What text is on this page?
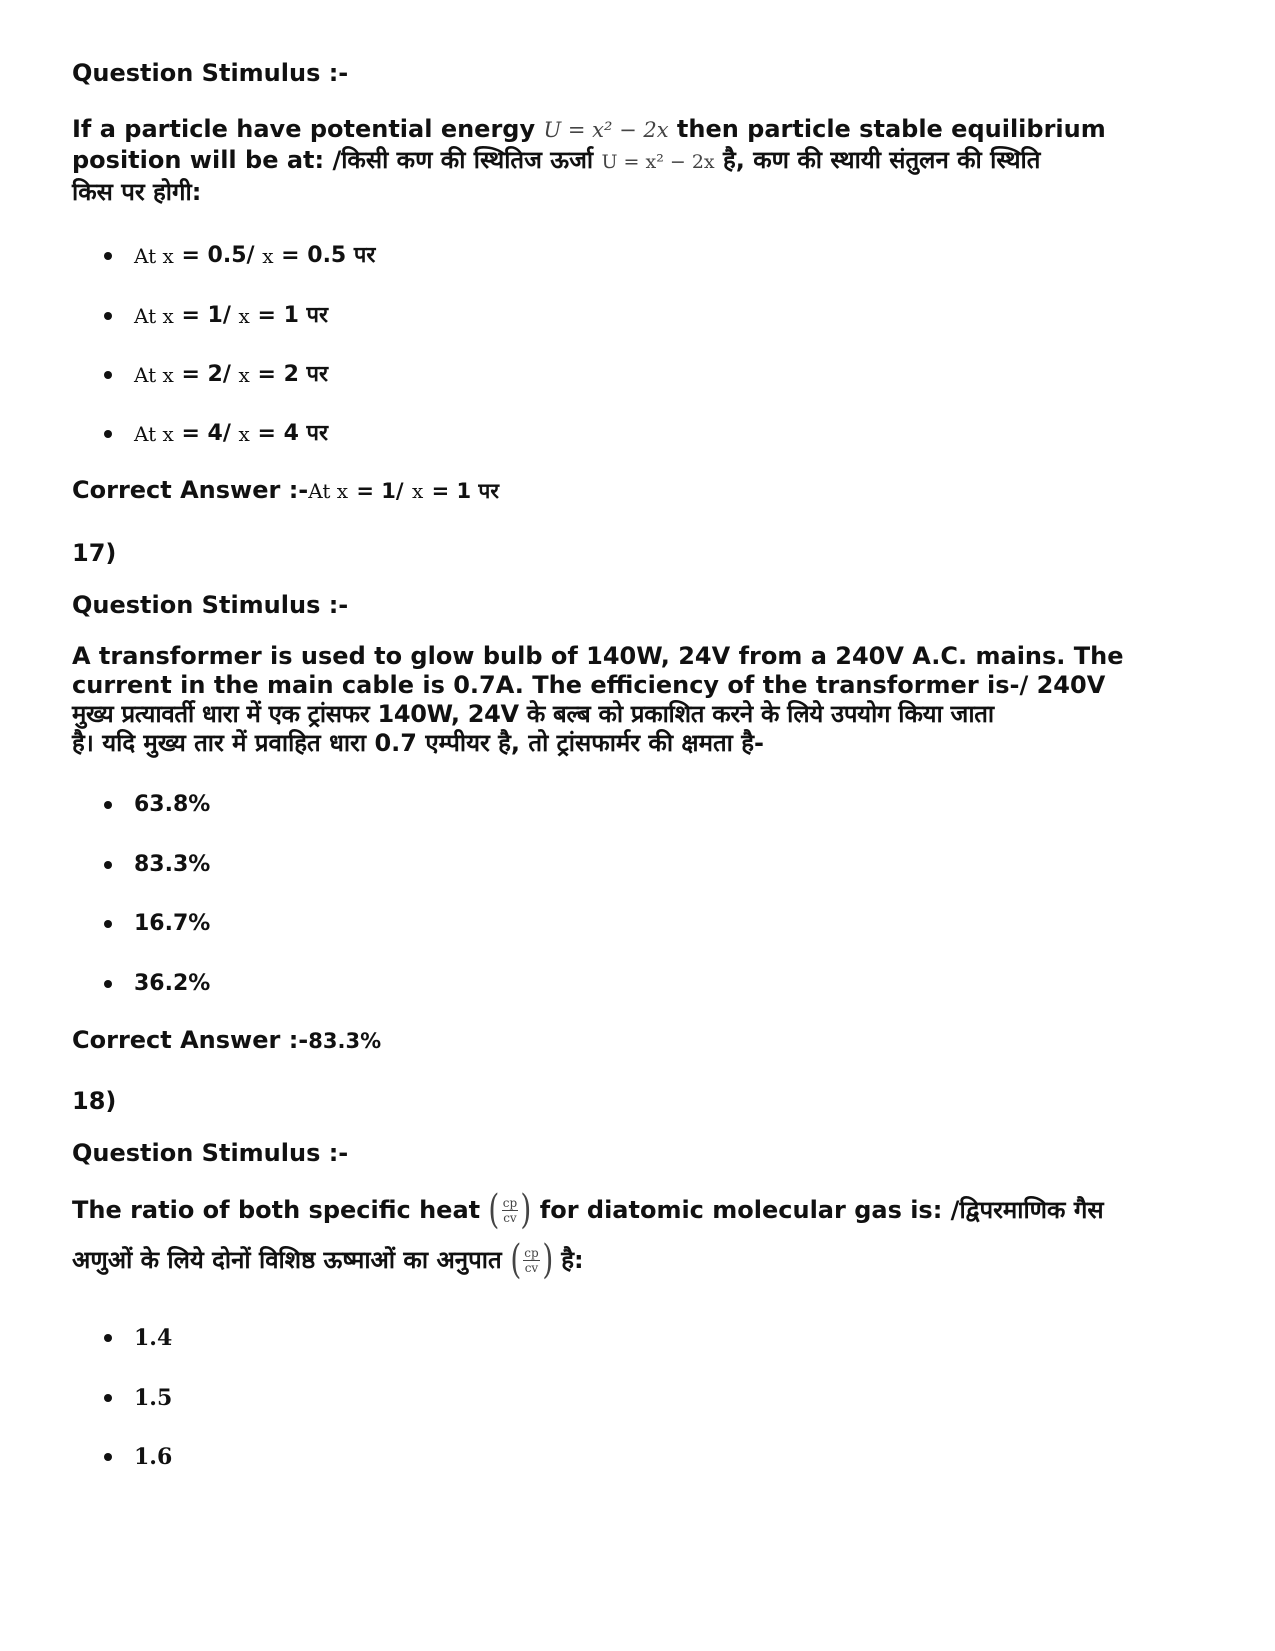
Question Stimulus :-
If a particle have potential energy U = x² − 2x then particle stable equilibrium
position will be at: /किसी कण की स्थितिज ऊर्जा U = x² − 2x है, कण की स्थायी संतुलन की स्थिति
किस पर होगी:
At x
= 0.5/
x
= 0.5 पर
At x
= 1/
x
= 1 पर
At x
= 2/
x
= 2 पर
At x
= 4/
x
= 4 पर
Correct Answer :-At x = 1/ x = 1 पर
17)
Question Stimulus :-
A transformer is used to glow bulb of 140W, 24V from a 240V A.C. mains. The
current in the main cable is 0.7A. The efficiency of the transformer is-/ 240V
मुख्य प्रत्यावर्ती धारा में एक ट्रांसफर 140W, 24V के बल्ब को प्रकाशित करने के लिये उपयोग किया जाता
है। यदि मुख्य तार में प्रवाहित धारा 0.7 एम्पीयर है, तो ट्रांसफार्मर की क्षमता है-
63.8%
83.3%
16.7%
36.2%
Correct Answer :-83.3%
18)
Question Stimulus :-
The ratio of both specific heat ( $\frac{cp}{cv}$ ) for diatomic molecular gas is: /द्विपरमाणिक गैस
अणुओं के लिये दोनों विशिष्ठ ऊष्माओं का अनुपात ( $\frac{cp}{cv}$ ) है:
1.4
1.5
1.6
